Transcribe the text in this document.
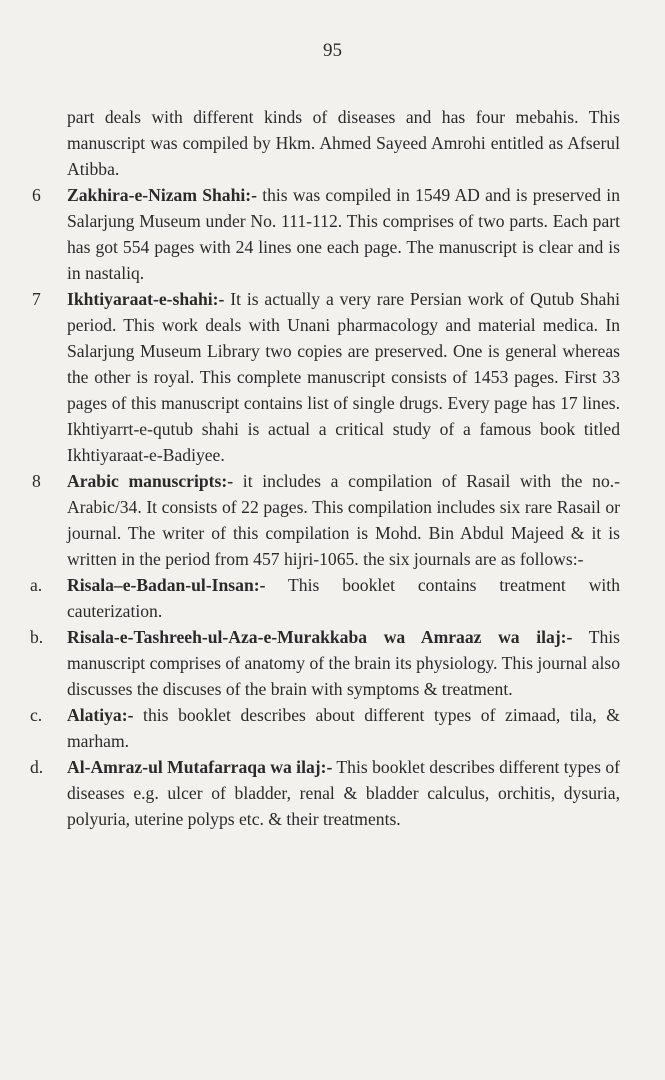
95

part deals with different kinds of diseases and has four mebahis. This manuscript was compiled by Hkm. Ahmed Sayeed Amrohi entitled as Afserul Atibba.

6	Zakhira-e-Nizam Shahi:- this was compiled in 1549 AD and is preserved in Salarjung Museum under No. 111-112. This comprises of two parts. Each part has got 554 pages with 24 lines one each page. The manuscript is clear and is in nastaliq.
7	Ikhtiyaraat-e-shahi:- It is actually a very rare Persian work of Qutub Shahi period. This work deals with Unani pharmacology and material medica. In Salarjung Museum Library two copies are preserved. One is general whereas the other is royal. This complete manuscript consists of 1453 pages. First 33 pages of this manuscript contains list of single drugs. Every page has 17 lines. Ikhtiyarrt-e-qutub shahi is actual a critical study of a famous book titled Ikhtiyaraat-e-Badiyee.
8	Arabic manuscripts:- it includes a compilation of Rasail with the no.-Arabic/34. It consists of 22 pages. This compilation includes six rare Rasail or journal. The writer of this compilation is Mohd. Bin Abdul Majeed & it is written in the period from 457 hijri-1065. the six journals are as follows:-
a.	Risala–e-Badan-ul-Insan:- This booklet contains treatment with cauterization.
b.	Risala-e-Tashreeh-ul-Aza-e-Murakkaba wa Amraaz wa ilaj:- This manuscript comprises of anatomy of the brain its physiology. This journal also discusses the discuses of the brain with symptoms & treatment.
c.	Alatiya:- this booklet describes about different types of zimaad, tila, & marham.
d.	Al-Amraz-ul Mutafarraqa wa ilaj:- This booklet describes different types of diseases e.g. ulcer of bladder, renal & bladder calculus, orchitis, dysuria, polyuria, uterine polyps etc. & their treatments.
